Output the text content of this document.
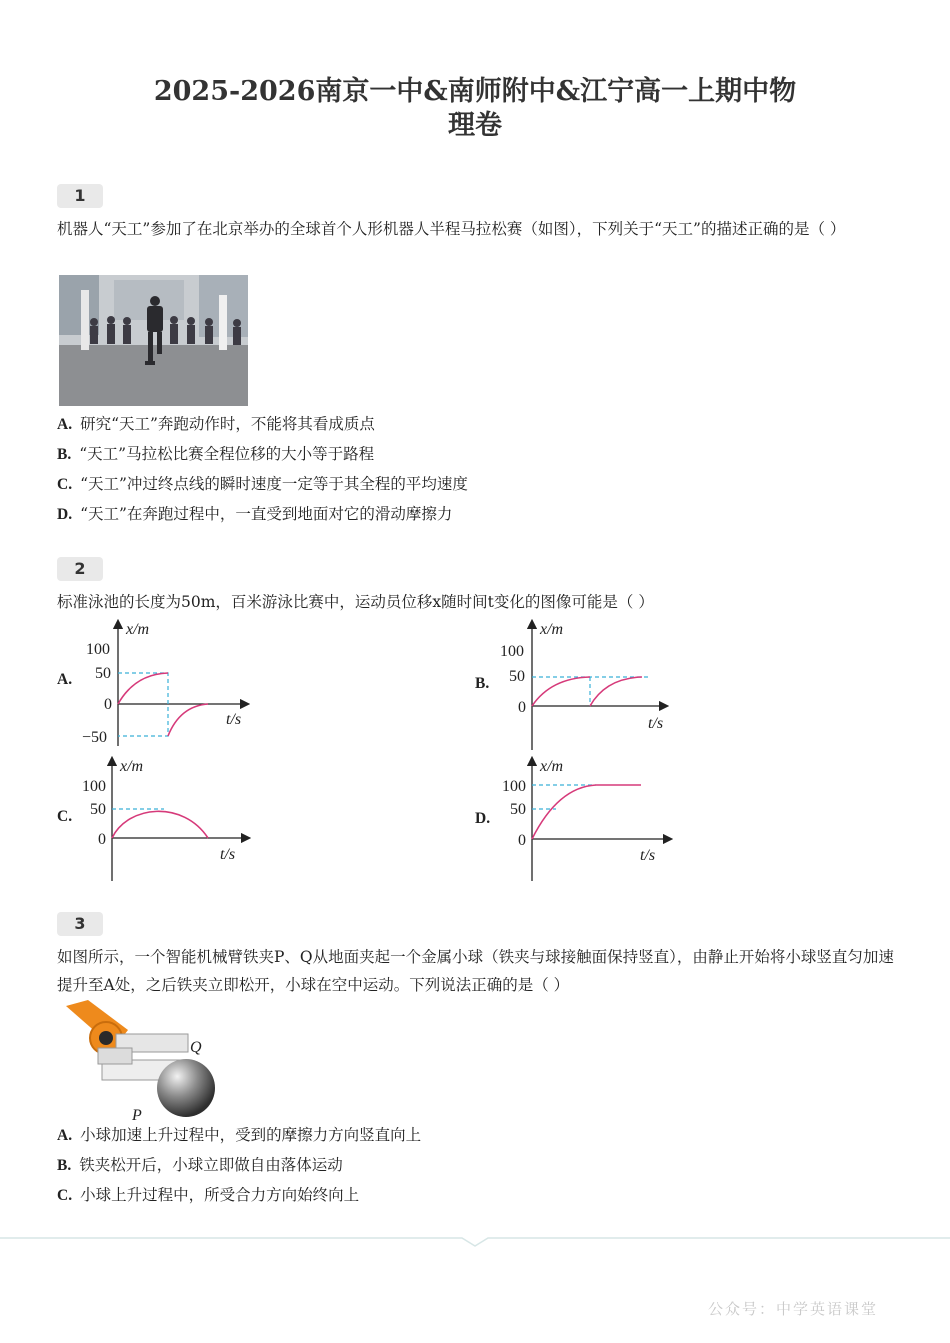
2025-2026南京一中&南师附中&江宁高一上期中物
理卷
1
机器人“天工”参加了在北京举办的全球首个人形机器人半程马拉松赛（如图），下列关于“天工”的描述正确的是（ ）
A. 研究“天工”奔跑动作时，不能将其看成质点
B. “天工”马拉松比赛全程位移的大小等于路程
C. “天工”冲过终点线的瞬时速度一定等于其全程的平均速度
D. “天工”在奔跑过程中，一直受到地面对它的滑动摩擦力
2
标准泳池的长度为50m，百米游泳比赛中，运动员位移x随时间t变化的图像可能是（ ）
A.
x/m
t/s
100
50
0
−50
B.
x/m
t/s
100
50
0
C.
x/m
t/s
100
50
0
D.
x/m
t/s
100
50
0
3
如图所示，一个智能机械臂铁夹P、Q从地面夹起一个金属小球（铁夹与球接触面保持竖直），由静止开始将小球竖直匀加速提升至A处，之后铁夹立即松开，小球在空中运动。下列说法正确的是（ ）
Q
P
A. 小球加速上升过程中，受到的摩擦力方向竖直向上
B. 铁夹松开后，小球立即做自由落体运动
C. 小球上升过程中，所受合力方向始终向上
公众号：中学英语课堂
